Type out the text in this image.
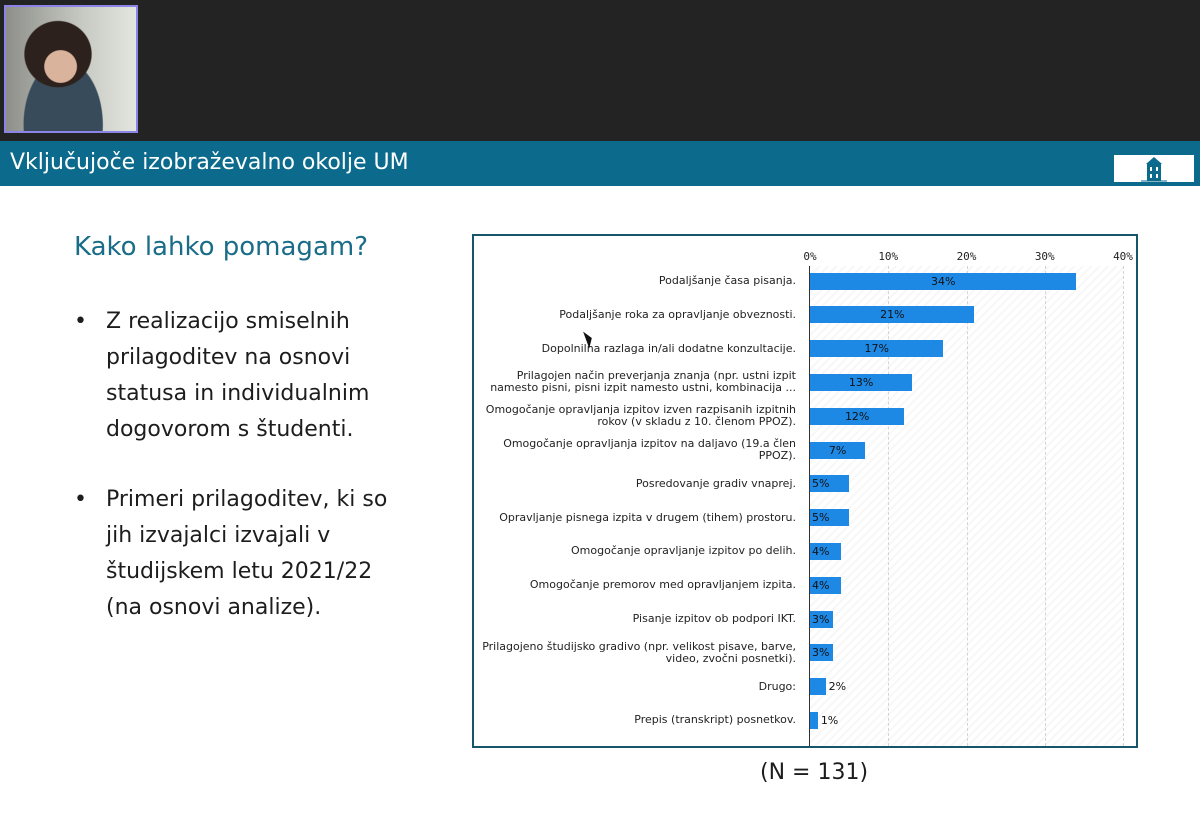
Vključujoče izobraževalno okolje UM
Kako lahko pomagam?
• Z realizacijo smiselnih prilagoditev na osnovi statusa in individualnim dogovorom s študenti.
• Primeri prilagoditev, ki so jih izvajalci izvajali v študijskem letu 2021/22 (na osnovi analize).
0%	10%	20%	30%	40%
Podaljšanje časa pisanja.	34%
Podaljšanje roka za opravljanje obveznosti.	21%
Dopolnilna razlaga in/ali dodatne konzultacije.	17%
Prilagojen način preverjanja znanja (npr. ustni izpit namesto pisni, pisni izpit namesto ustni, kombinacija ...	13%
Omogočanje opravljanja izpitov izven razpisanih izpitnih rokov (v skladu z 10. členom PPOZ).	12%
Omogočanje opravljanja izpitov na daljavo (19.a člen PPOZ).	7%
Posredovanje gradiv vnaprej. 5%
Opravljanje pisnega izpita v drugem (tihem) prostoru. 5%
Omogočanje opravljanje izpitov po delih. 4%
Omogočanje premorov med opravljanjem izpita. 4%
Pisanje izpitov ob podpori IKT. 3%
Prilagojeno študijsko gradivo (npr. velikost pisave, barve, video, zvočni posnetki). 3%
Drugo:	2%
Prepis (transkript) posnetkov. 1%
(N = 131)
